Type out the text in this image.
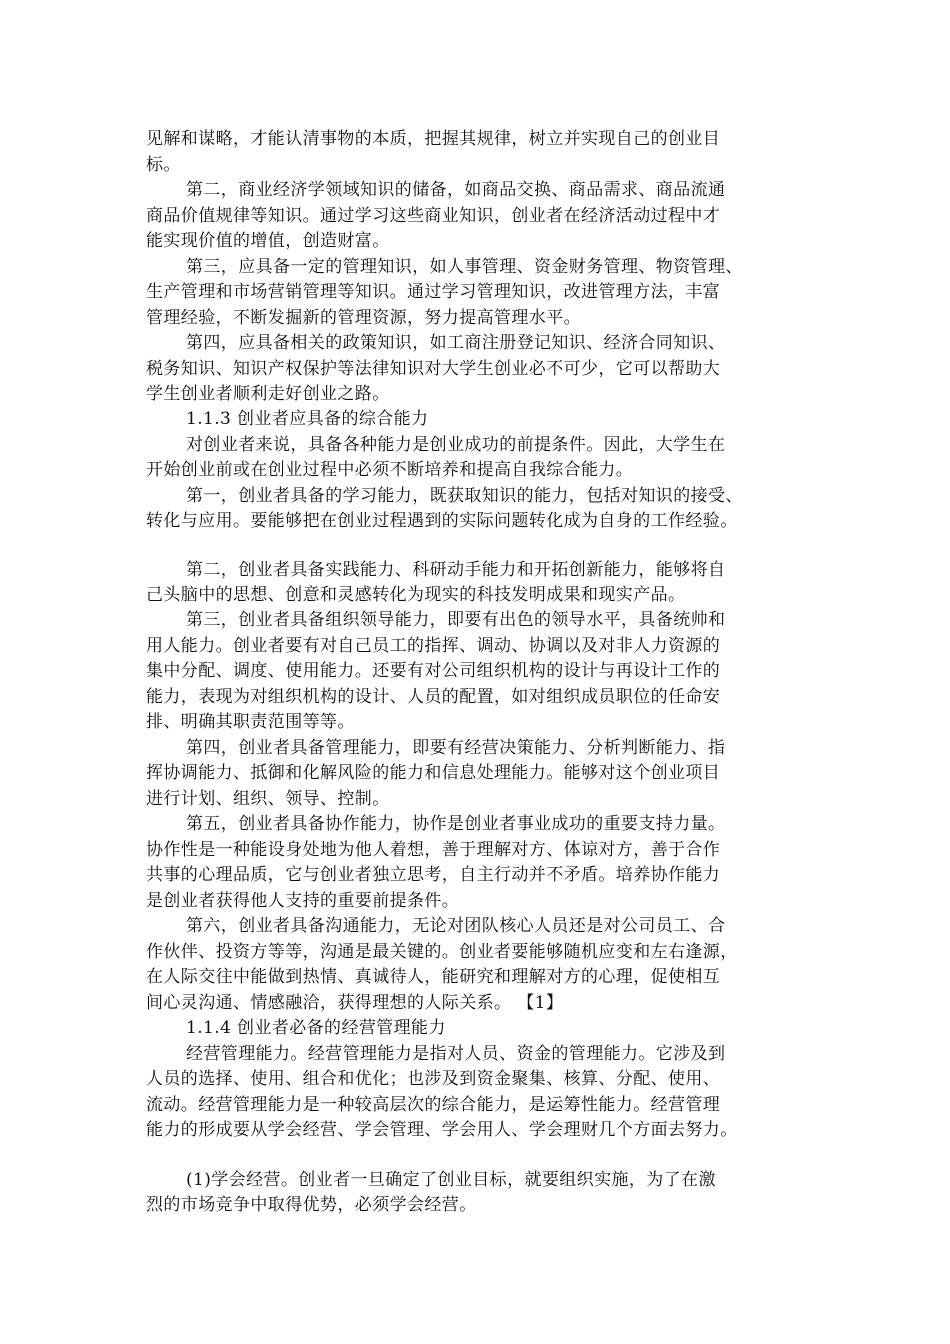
见解和谋略，才能认清事物的本质，把握其规律，树立并实现自己的创业目
标。
第二，商业经济学领域知识的储备，如商品交换、商品需求、商品流通
商品价值规律等知识。通过学习这些商业知识，创业者在经济活动过程中才
能实现价值的增值，创造财富。
第三，应具备一定的管理知识，如人事管理、资金财务管理、物资管理、
生产管理和市场营销管理等知识。通过学习管理知识，改进管理方法，丰富
管理经验，不断发掘新的管理资源，努力提高管理水平。
第四，应具备相关的政策知识，如工商注册登记知识、经济合同知识、
税务知识、知识产权保护等法律知识对大学生创业必不可少，它可以帮助大
学生创业者顺利走好创业之路。
1.1.3 创业者应具备的综合能力
对创业者来说，具备各种能力是创业成功的前提条件。因此，大学生在
开始创业前或在创业过程中必须不断培养和提高自我综合能力。
第一，创业者具备的学习能力，既获取知识的能力，包括对知识的接受、
转化与应用。要能够把在创业过程遇到的实际问题转化成为自身的工作经验。
第二，创业者具备实践能力、科研动手能力和开拓创新能力，能够将自
己头脑中的思想、创意和灵感转化为现实的科技发明成果和现实产品。
第三，创业者具备组织领导能力，即要有出色的领导水平，具备统帅和
用人能力。创业者要有对自己员工的指挥、调动、协调以及对非人力资源的
集中分配、调度、使用能力。还要有对公司组织机构的设计与再设计工作的
能力，表现为对组织机构的设计、人员的配置，如对组织成员职位的任命安
排、明确其职责范围等等。
第四，创业者具备管理能力，即要有经营决策能力、分析判断能力、指
挥协调能力、抵御和化解风险的能力和信息处理能力。能够对这个创业项目
进行计划、组织、领导、控制。
第五，创业者具备协作能力，协作是创业者事业成功的重要支持力量。
协作性是一种能设身处地为他人着想，善于理解对方、体谅对方，善于合作
共事的心理品质，它与创业者独立思考，自主行动并不矛盾。培养协作能力
是创业者获得他人支持的重要前提条件。
第六，创业者具备沟通能力，无论对团队核心人员还是对公司员工、合
作伙伴、投资方等等，沟通是最关键的。创业者要能够随机应变和左右逢源，
在人际交往中能做到热情、真诚待人，能研究和理解对方的心理，促使相互
间心灵沟通、情感融洽，获得理想的人际关系。 【1】
1.1.4 创业者必备的经营管理能力
经营管理能力。经营管理能力是指对人员、资金的管理能力。它涉及到
人员的选择、使用、组合和优化；也涉及到资金聚集、核算、分配、使用、
流动。经营管理能力是一种较高层次的综合能力，是运筹性能力。经营管理
能力的形成要从学会经营、学会管理、学会用人、学会理财几个方面去努力。
(1)学会经营。创业者一旦确定了创业目标，就要组织实施，为了在激
烈的市场竞争中取得优势，必须学会经营。
